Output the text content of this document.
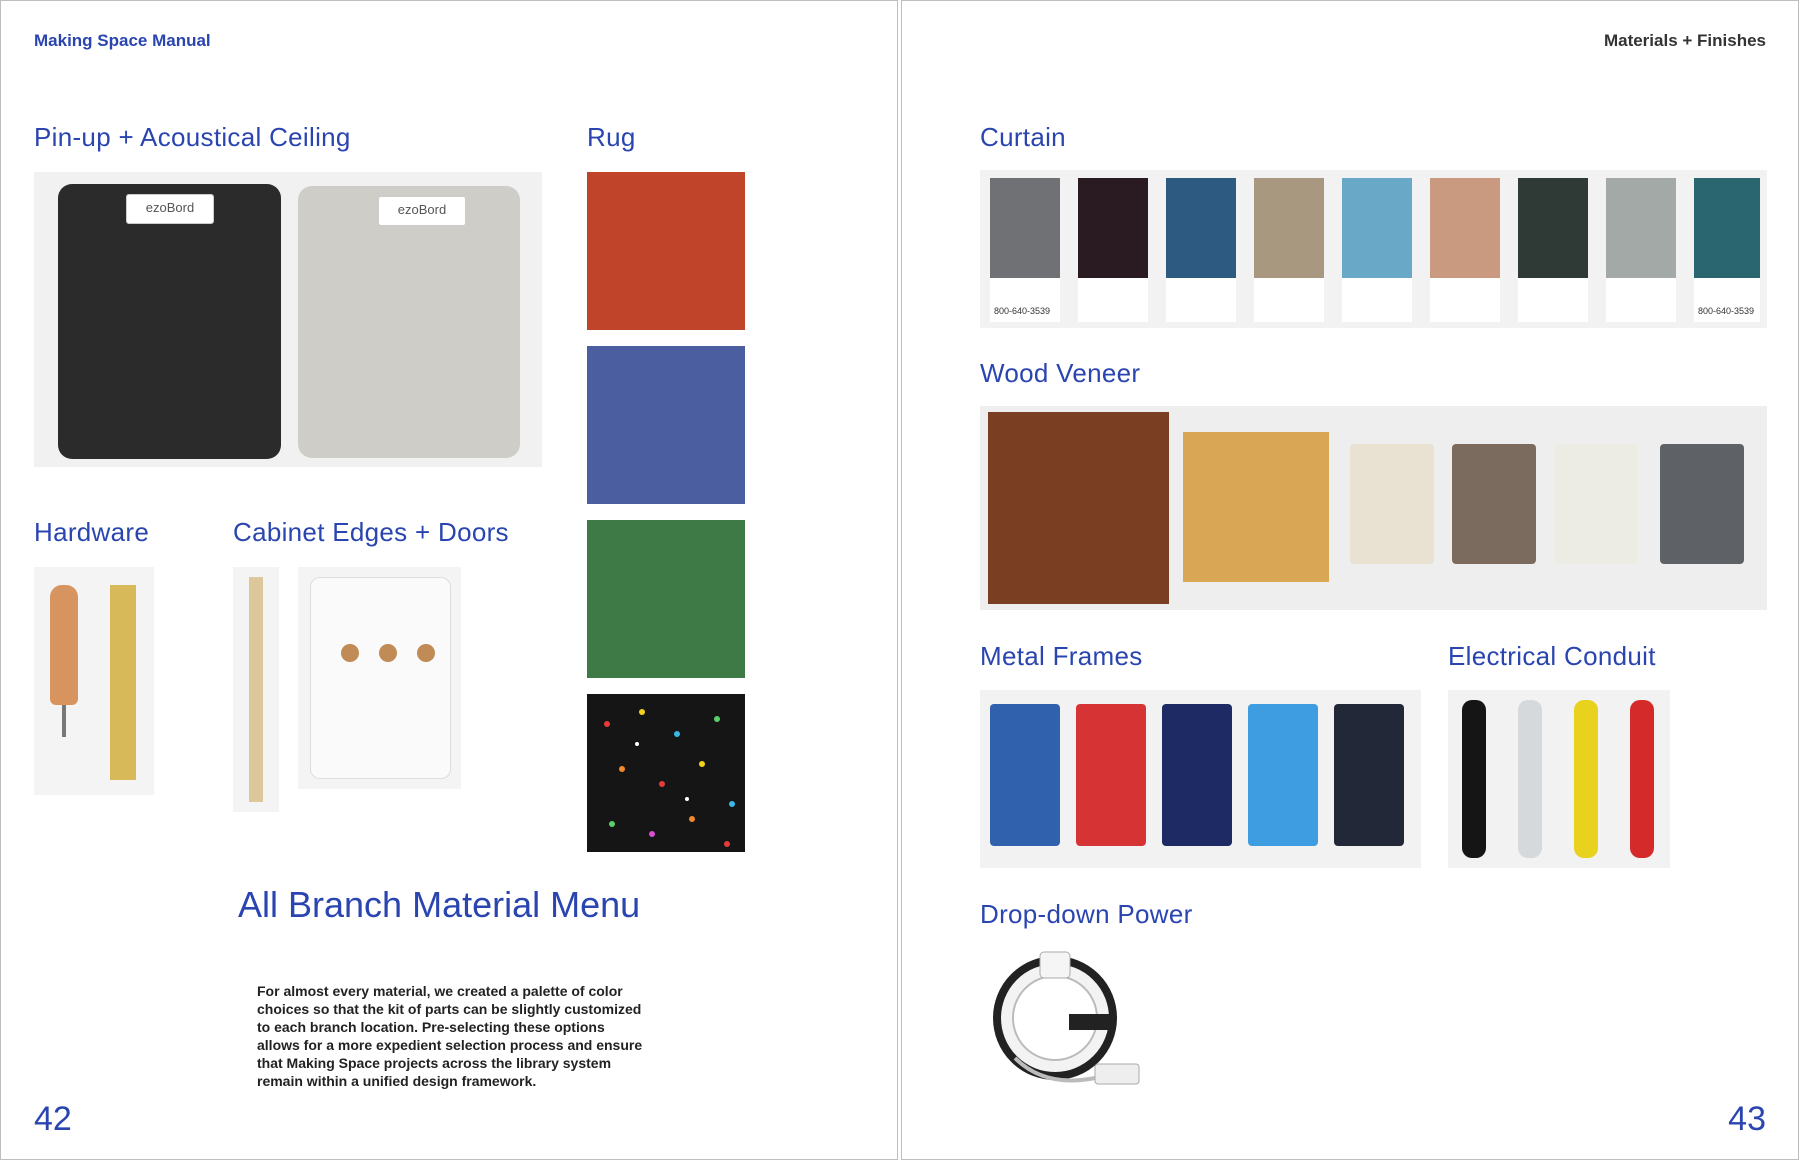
Making Space Manual
Pin-up + Acoustical Ceiling	Rug
ezoBord	ezoBord
Hardware	Cabinet Edges + Doors
All Branch Material Menu
For almost every material, we created a palette of color
choices so that the kit of parts can be slightly customized
to each branch location. Pre-selecting these options
allows for a more expedient selection process and ensure
that Making Space projects across the library system
remain within a unified design framework.
42
Materials + Finishes
Curtain
800-640-3539	800-640-3539
Wood Veneer
Metal Frames	Electrical Conduit
Drop-down Power
43
